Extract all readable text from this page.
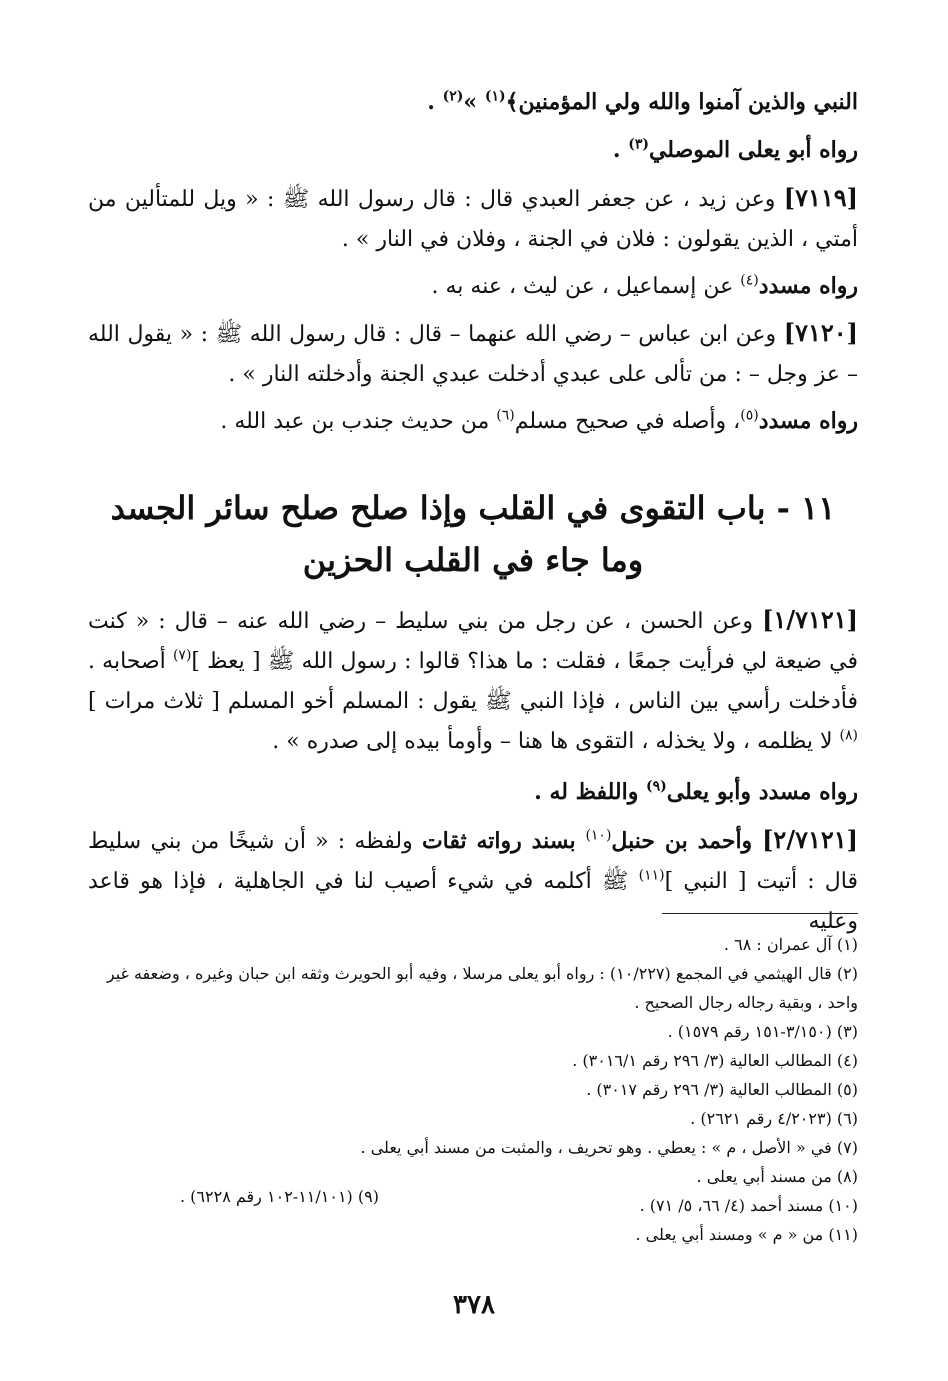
النبي والذين آمنوا والله ولي المؤمنين﴾$^{(١)}$ »$^{(٢)}$ .

رواه أبو يعلى الموصلي$^{(٣)}$ .

[٧١١٩] وعن زيد ، عن جعفر العبدي قال : قال رسول الله ﷺ : « ويل للمتألين من أمتي ، الذين يقولون : فلان في الجنة ، وفلان في النار » .

رواه مسدد$^{(٤)}$ عن إسماعيل ، عن ليث ، عنه به .

[٧١٢٠] وعن ابن عباس – رضي الله عنهما – قال : قال رسول الله ﷺ : « يقول الله – عز وجل – : من تألى على عبدي أدخلت عبدي الجنة وأدخلته النار » .

رواه مسدد$^{(٥)}$، وأصله في صحيح مسلم$^{(٦)}$ من حديث جندب بن عبد الله .

١١ - باب التقوى في القلب وإذا صلح صلح سائر الجسد
وما جاء في القلب الحزين

[١/٧١٢١] وعن الحسن ، عن رجل من بني سليط – رضي الله عنه – قال : « كنت في ضيعة لي فرأيت جمعًا ، فقلت : ما هذا؟ قالوا : رسول الله ﷺ [ يعظ ]$^{(٧)}$ أصحابه . فأدخلت رأسي بين الناس ، فإذا النبي ﷺ يقول : المسلم أخو المسلم [ ثلاث مرات ]$^{(٨)}$ لا يظلمه ، ولا يخذله ، التقوى ها هنا – وأومأ بيده إلى صدره » .

رواه مسدد وأبو يعلى$^{(٩)}$ واللفظ له .

[٢/٧١٢١] وأحمد بن حنبل$^{(١٠)}$ بسند رواته ثقات ولفظه : « أن شيخًا من بني سليط قال : أتيت [ النبي ]$^{(١١)}$ ﷺ أكلمه في شيء أصيب لنا في الجاهلية ، فإذا هو قاعد وعليه

(١) آل عمران : ٦٨ .

(٢) قال الهيثمي في المجمع (١٠/٢٢٧) : رواه أبو يعلى مرسلا ، وفيه أبو الحويرث وثقه ابن حبان وغيره ، وضعفه غير واحد ، وبقية رجاله رجال الصحيح .

(٣) (٣/١٥٠-١٥١ رقم ١٥٧٩) .

(٤) المطالب العالية (٣/ ٢٩٦ رقم ٣٠١٦/١) .

(٥) المطالب العالية (٣/ ٢٩٦ رقم ٣٠١٧) .

(٦) (٤/٢٠٢٣ رقم ٢٦٢١) .

(٧) في « الأصل ، م » : يعطي . وهو تحريف ، والمثبت من مسند أبي يعلى .

(٨) من مسند أبي يعلى .

(١٠) مسند أحمد (٤/ ٦٦، ٥/ ٧١) .

(١١) من « م » ومسند أبي يعلى .

(٩) (١١/١٠١-١٠٢ رقم ٦٢٢٨) .
٣٧٨
